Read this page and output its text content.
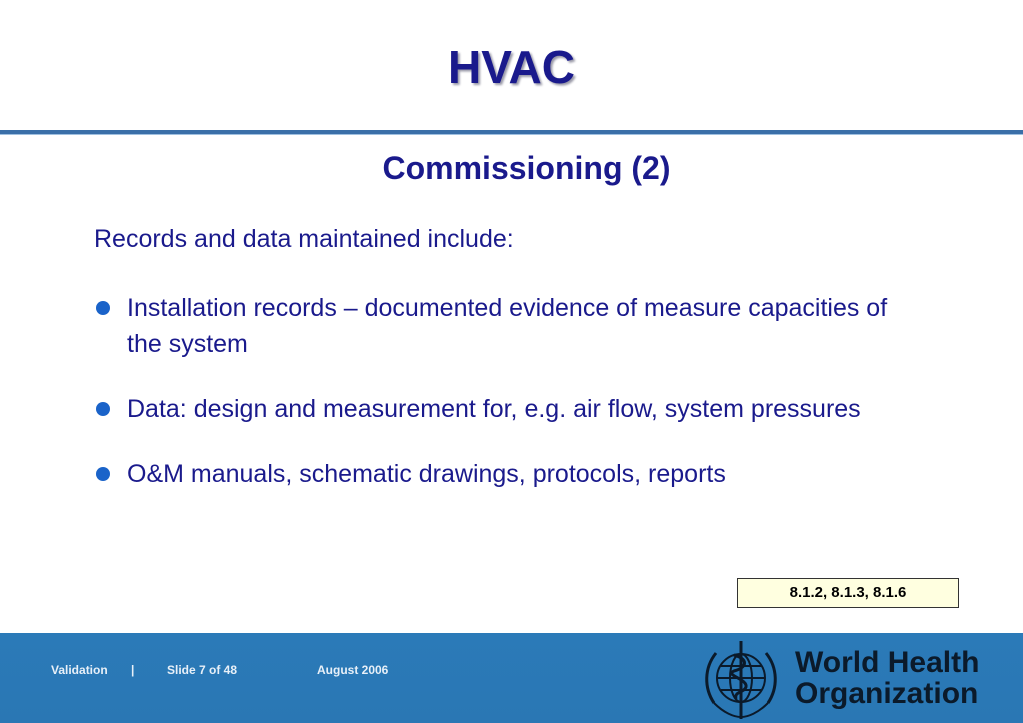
HVAC
Commissioning (2)
Records and data maintained include:
Installation records – documented evidence of measure capacities of the system
Data: design and measurement for, e.g. air flow, system pressures
O&M manuals, schematic drawings, protocols, reports
8.1.2, 8.1.3, 8.1.6
Validation |	Slide 7 of 48	August 2006	World Health
Organization
